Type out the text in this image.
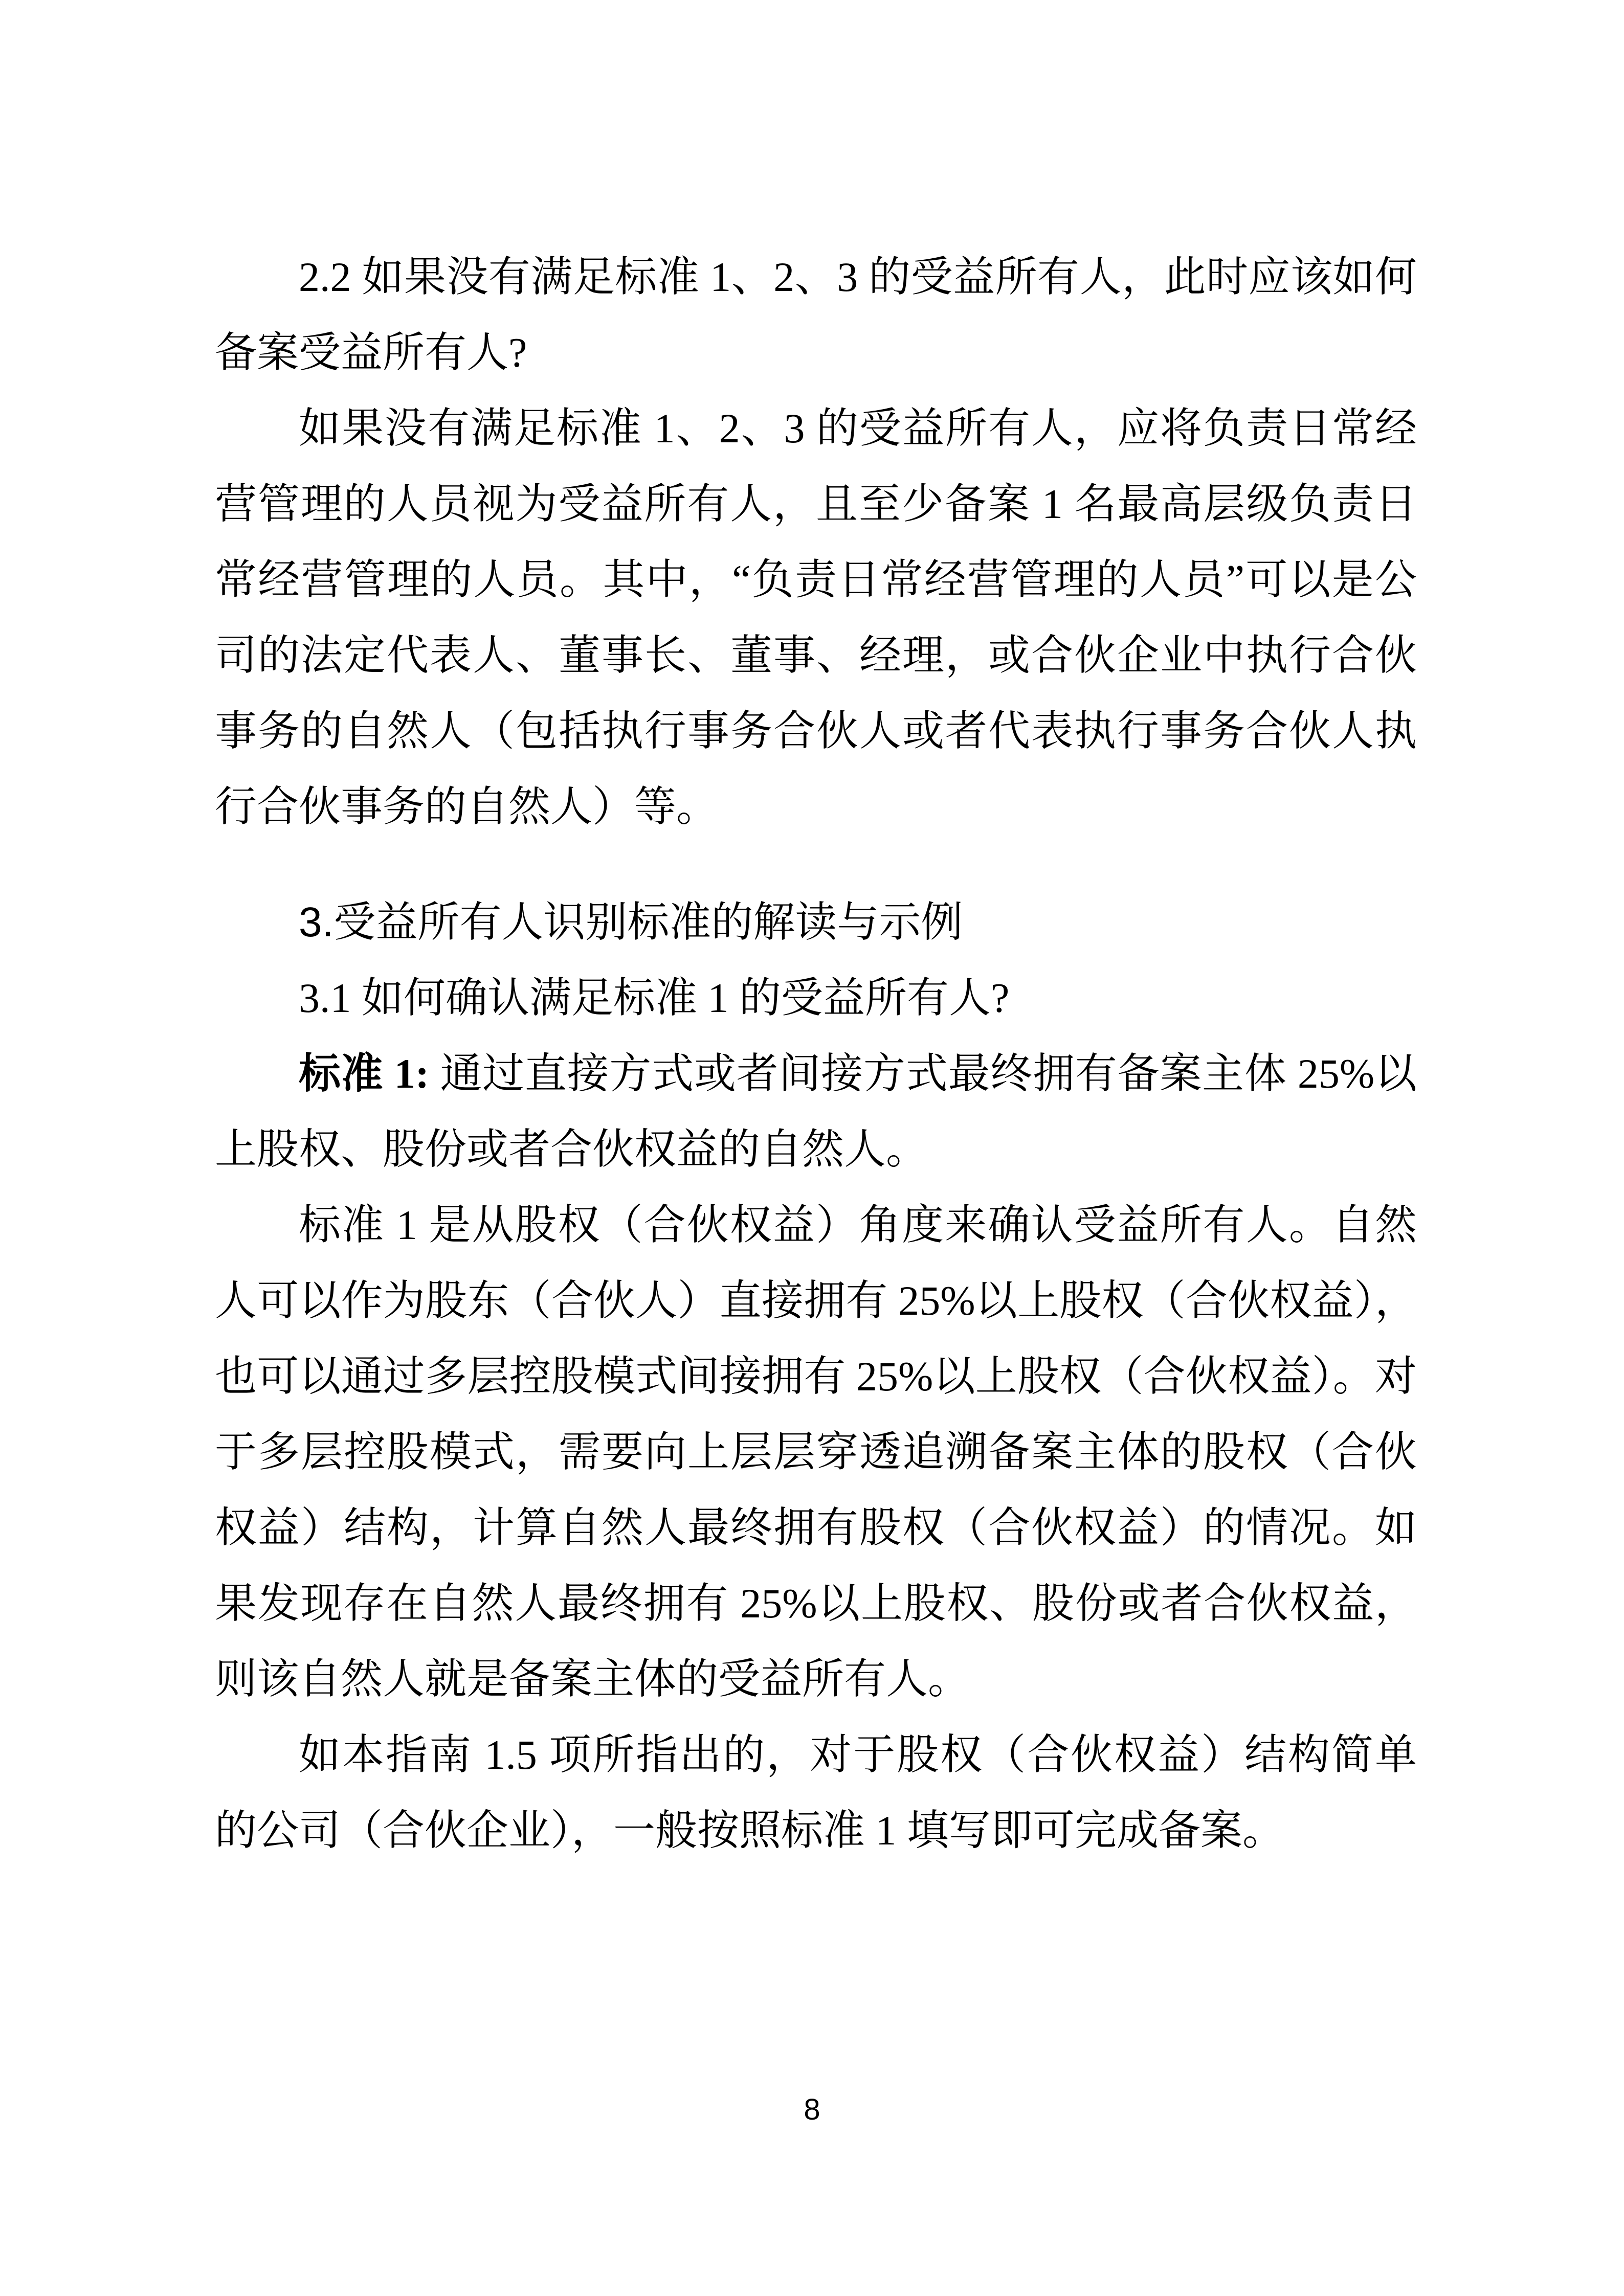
2.2 如果没有满足标准 1、2、3 的受益所有人，此时应该如何备案受益所有人?

如果没有满足标准 1、2、3 的受益所有人，应将负责日常经营管理的人员视为受益所有人，且至少备案 1 名最高层级负责日常经营管理的人员。其中，“负责日常经营管理的人员”可以是公司的法定代表人、董事长、董事、经理，或合伙企业中执行合伙事务的自然人（包括执行事务合伙人或者代表执行事务合伙人执行合伙事务的自然人）等。

3.受益所有人识别标准的解读与示例
3.1 如何确认满足标准 1 的受益所有人?

标准 1: 通过直接方式或者间接方式最终拥有备案主体 25%以上股权、股份或者合伙权益的自然人。

标准 1 是从股权（合伙权益）角度来确认受益所有人。自然人可以作为股东（合伙人）直接拥有 25%以上股权（合伙权益），也可以通过多层控股模式间接拥有 25%以上股权（合伙权益）。对于多层控股模式，需要向上层层穿透追溯备案主体的股权（合伙权益）结构，计算自然人最终拥有股权（合伙权益）的情况。如果发现存在自然人最终拥有 25%以上股权、股份或者合伙权益，则该自然人就是备案主体的受益所有人。

如本指南 1.5 项所指出的，对于股权（合伙权益）结构简单的公司（合伙企业），一般按照标准 1 填写即可完成备案。

8
